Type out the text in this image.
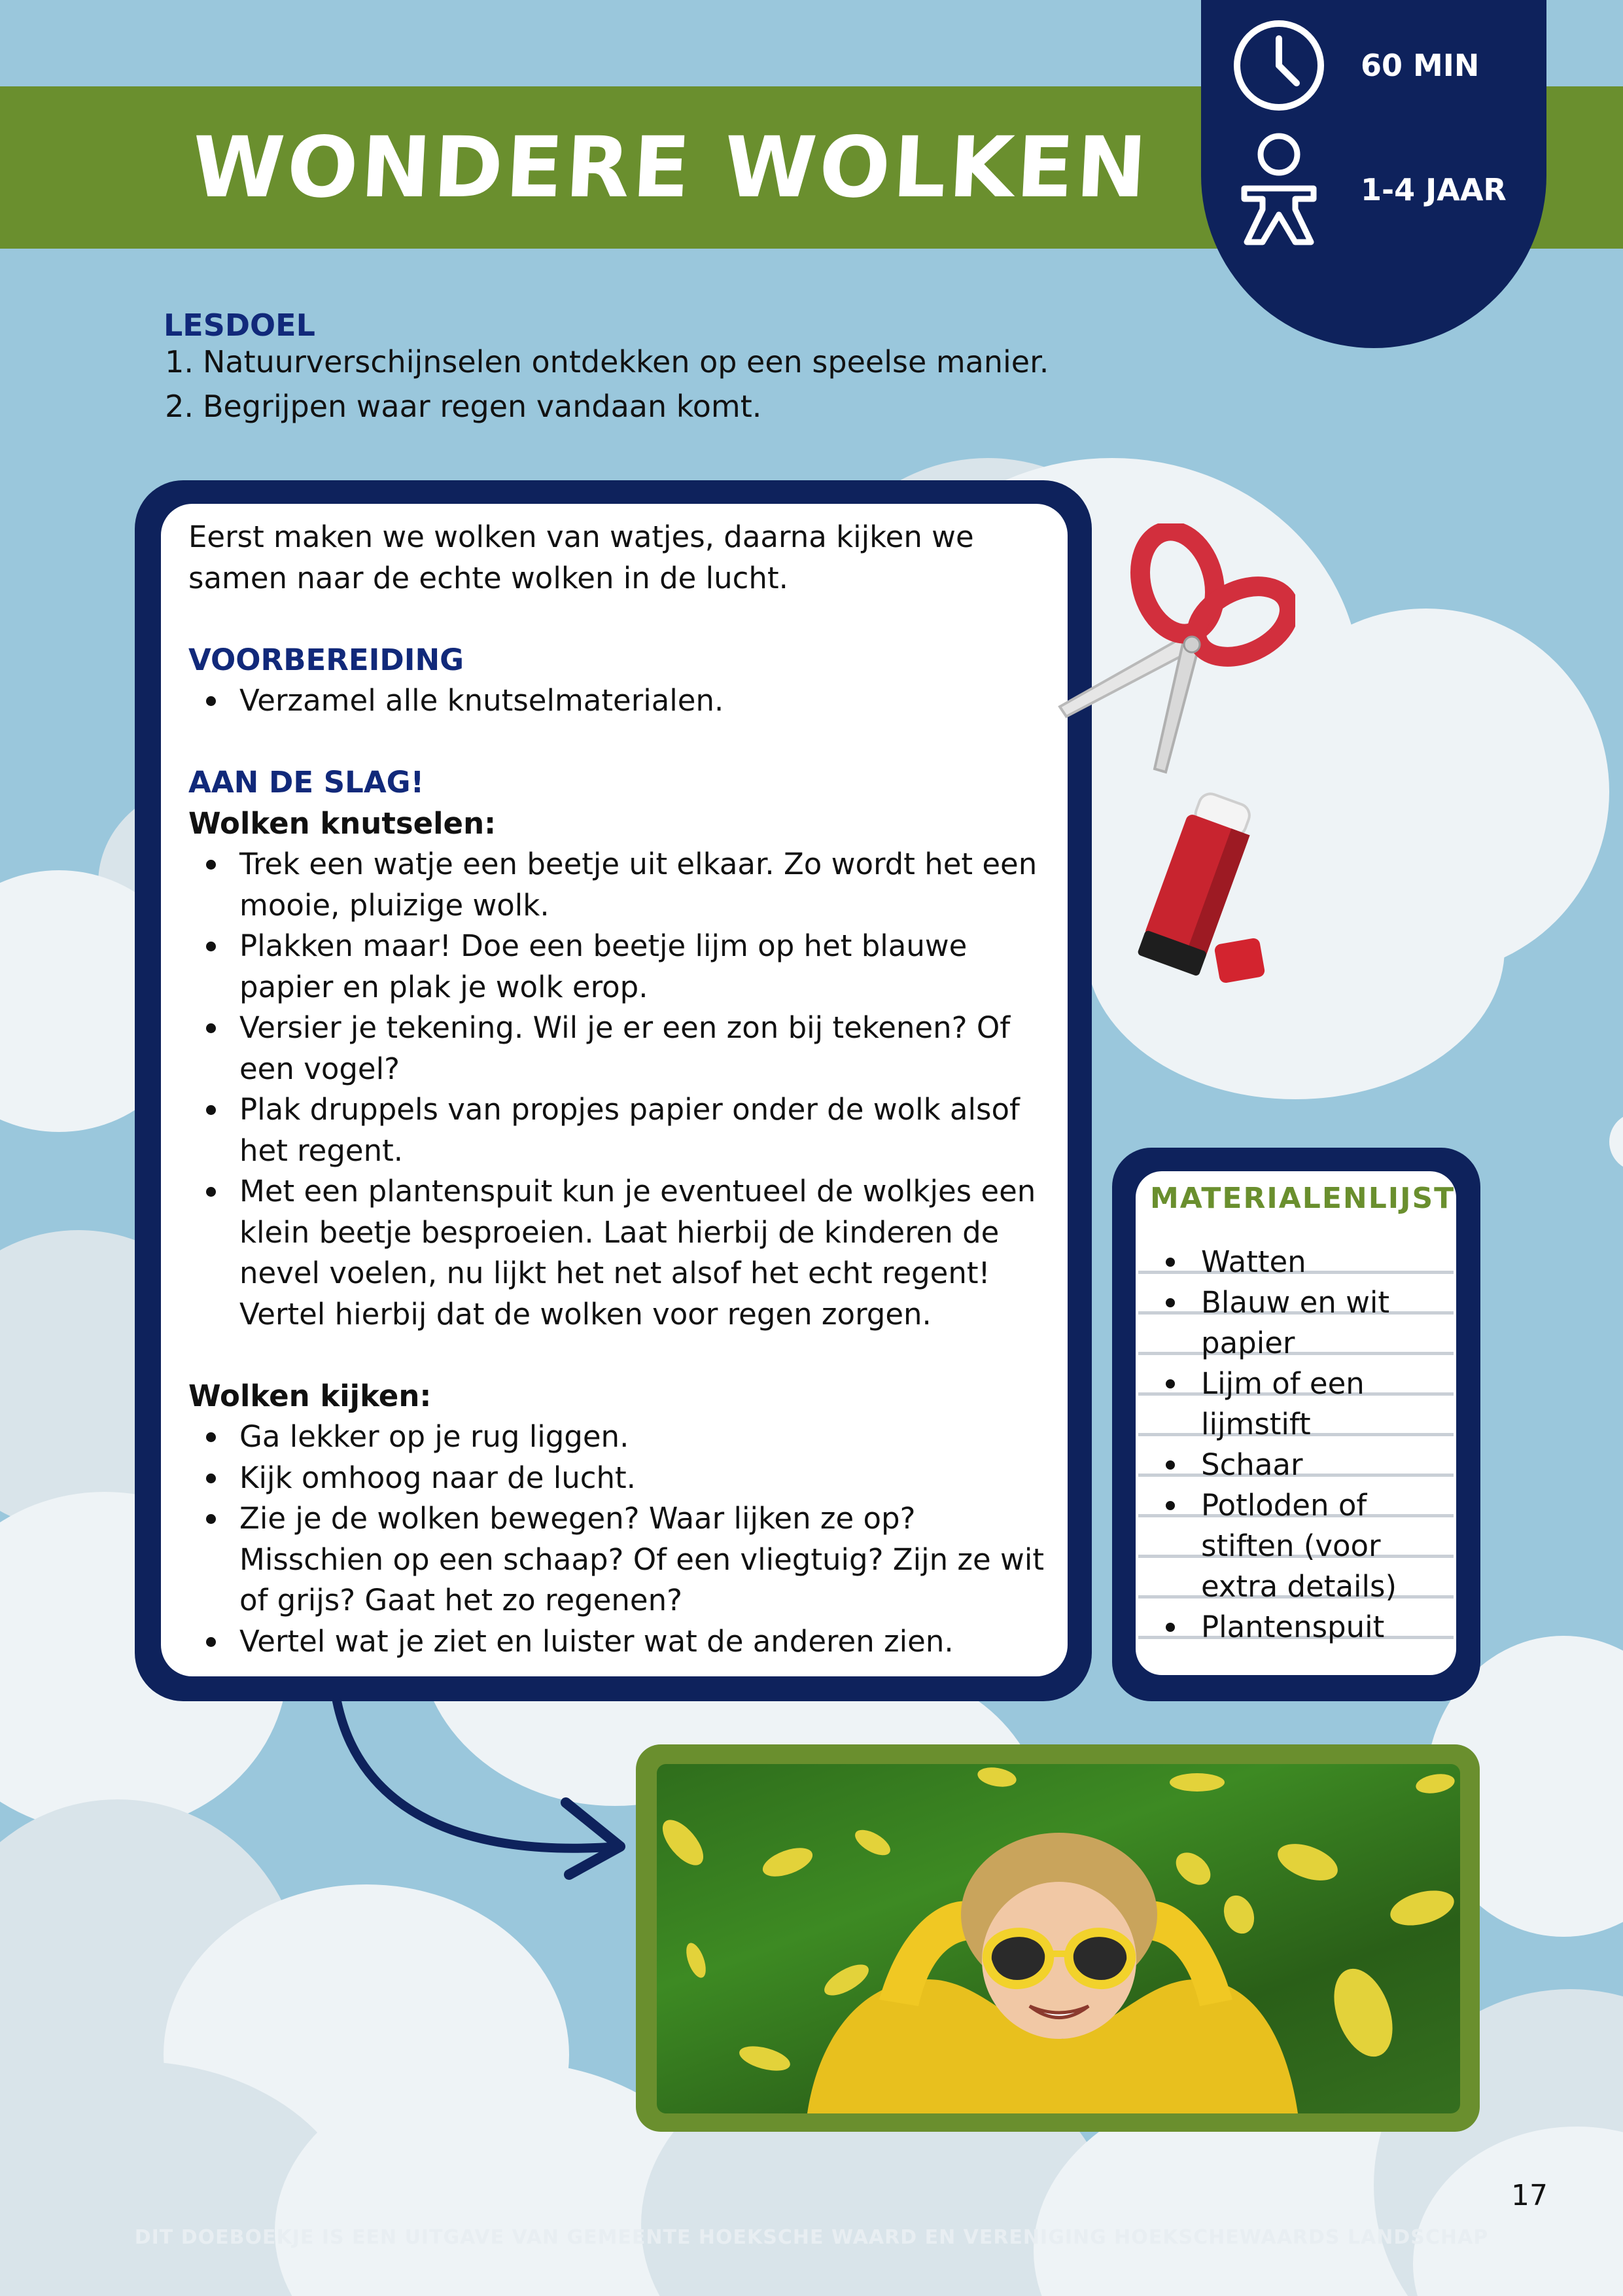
WONDERE WOLKEN
60 MIN
1-4 JAAR
LESDOEL
1. Natuurverschijnselen ontdekken op een speelse manier.
2. Begrijpen waar regen vandaan komt.
Eerst maken we wolken van watjes, daarna kijken we samen naar de echte wolken in de lucht.
VOORBEREIDING
Verzamel alle knutselmaterialen.
AAN DE SLAG!
Wolken knutselen:
Trek een watje een beetje uit elkaar. Zo wordt het een mooie, pluizige wolk.
Plakken maar! Doe een beetje lijm op het blauwe papier en plak je wolk erop.
Versier je tekening. Wil je er een zon bij tekenen? Of een vogel?
Plak druppels van propjes papier onder de wolk alsof het regent.
Met een plantenspuit kun je eventueel de wolkjes een klein beetje besproeien. Laat hierbij de kinderen de nevel voelen, nu lijkt het net alsof het echt regent! Vertel hierbij dat de wolken voor regen zorgen.
Wolken kijken:
Ga lekker op je rug liggen.
Kijk omhoog naar de lucht.
Zie je de wolken bewegen? Waar lijken ze op? Misschien op een schaap? Of een vliegtuig? Zijn ze wit of grijs? Gaat het zo regenen?
Vertel wat je ziet en luister wat de anderen zien.
MATERIALENLIJST
Watten
Blauw en wit papier
Lijm of een lijmstift
Schaar
Potloden of stiften (voor extra details)
Plantenspuit
17
DIT DOEBOEKJE IS EEN UITGAVE VAN GEMEENTE HOEKSCHE WAARD EN VERENIGING HOEKSCHEWAARDS LANDSCHAP
